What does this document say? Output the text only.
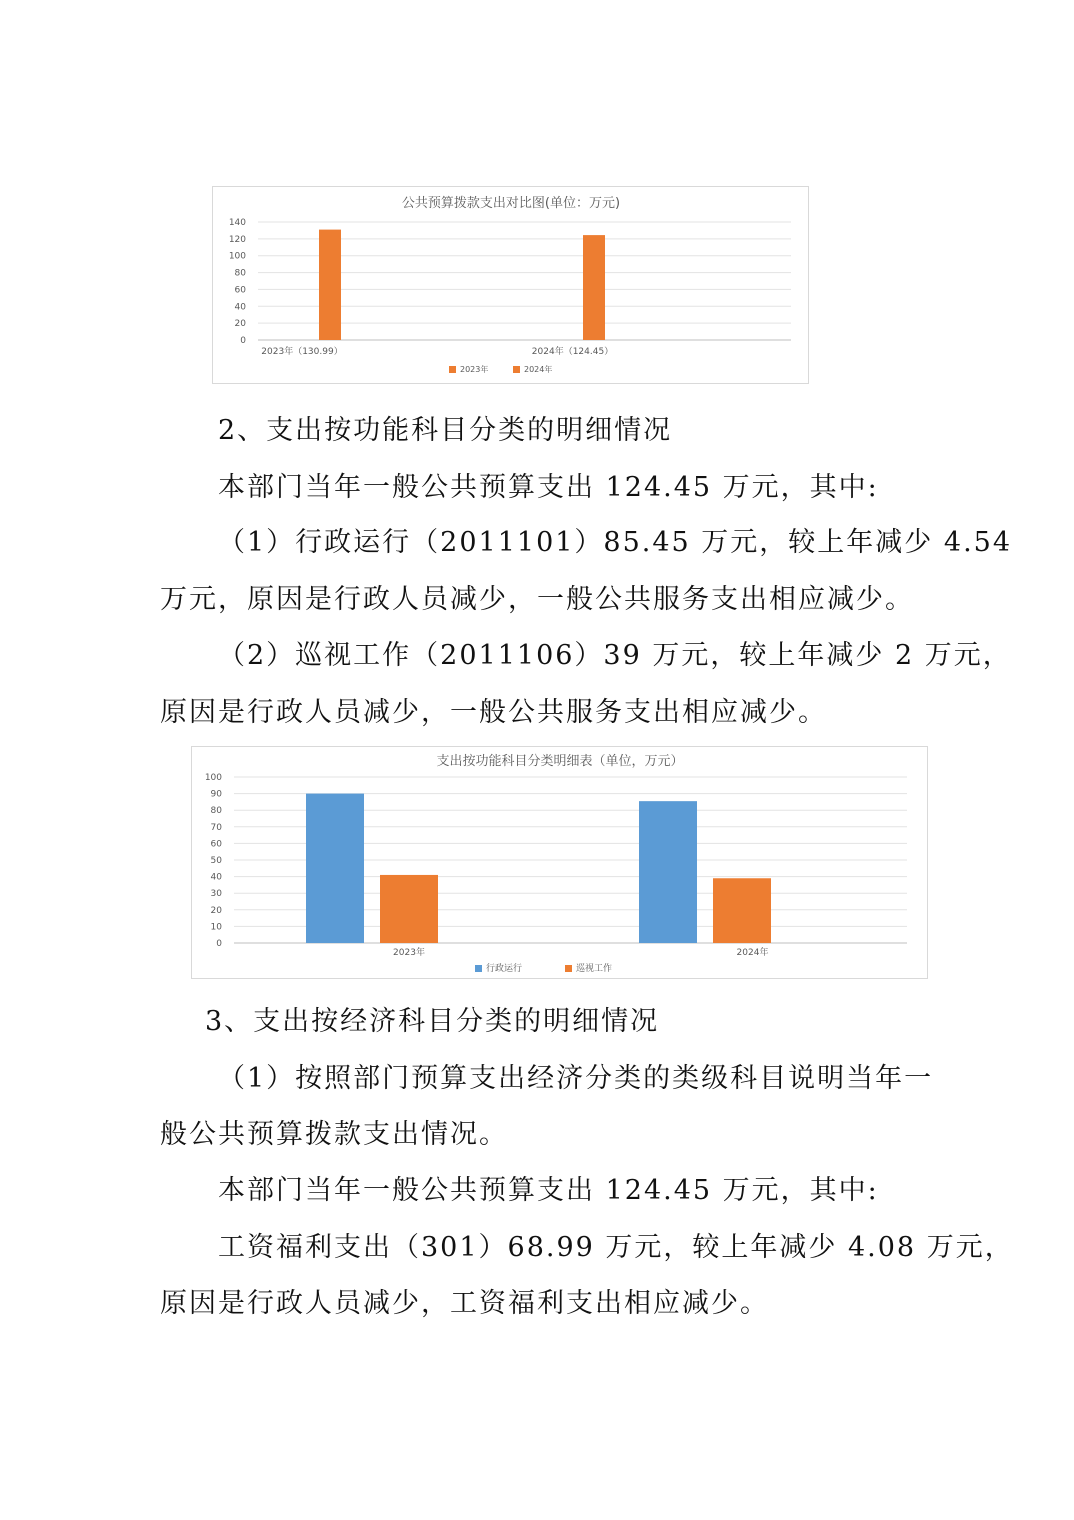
公共预算拨款支出对比图(单位：万元)
0
20
40
60
80
100
120
140
2023年（130.99）	2024年（124.45）
2023年	2024年

2、支出按功能科目分类的明细情况

本部门当年一般公共预算支出 124.45 万元，其中:

（1）行政运行（2011101）85.45 万元，较上年减少 4.54

万元，原因是行政人员减少，一般公共服务支出相应减少。

（2）巡视工作（2011106）39 万元，较上年减少 2 万元，

原因是行政人员减少，一般公共服务支出相应减少。

支出按功能科目分类明细表（单位，万元）
0
10
20
30
40
50
60
70
80
90
100
2023年	2024年
行政运行	巡视工作

3、支出按经济科目分类的明细情况

（1）按照部门预算支出经济分类的类级科目说明当年一

般公共预算拨款支出情况。

本部门当年一般公共预算支出 124.45 万元，其中:

工资福利支出（301）68.99 万元，较上年减少 4.08 万元，

原因是行政人员减少，工资福利支出相应减少。
